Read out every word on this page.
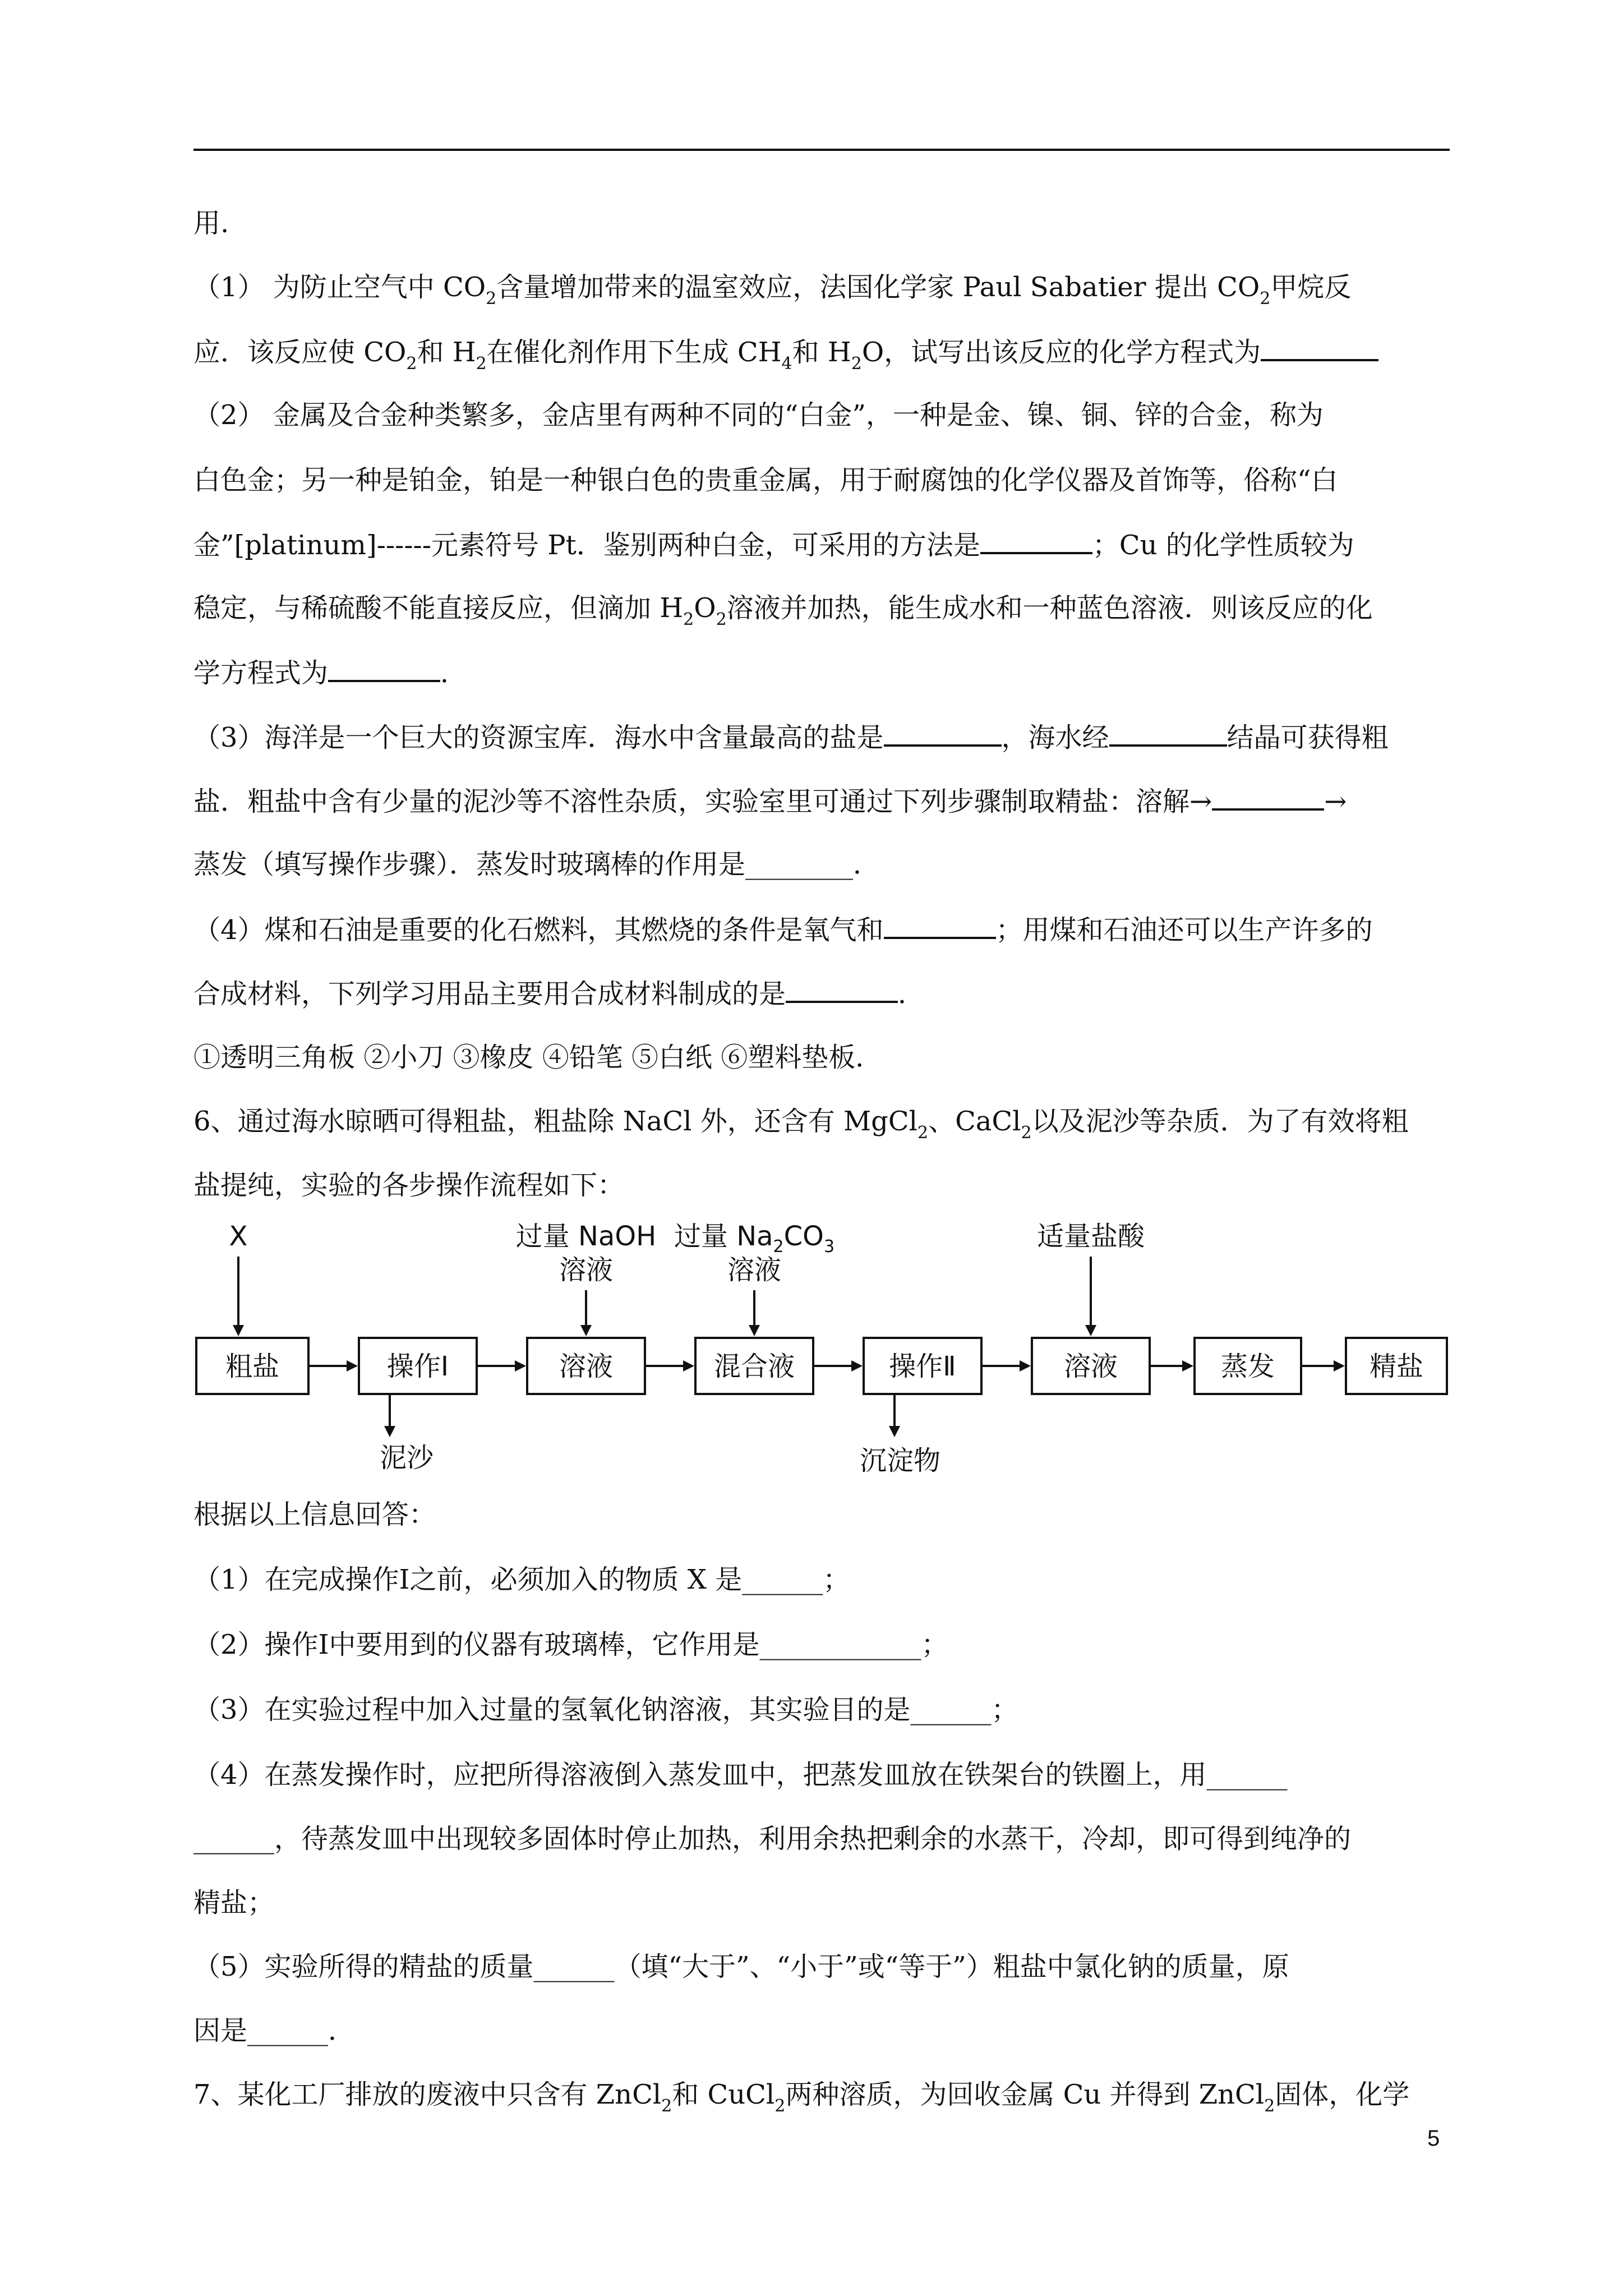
用.
（1） 为防止空气中 $CO_2$含量增加带来的温室效应，法国化学家 Paul Sabatier 提出 $CO_2$甲烷反
应．该反应使 $CO_2$和 $H_2$在催化剂作用下生成 $CH_4$和 $H_2O$，试写出该反应的化学方程式为
（2） 金属及合金种类繁多，金店里有两种不同的“白金”，一种是金、镍、铜、锌的合金，称为
白色金；另一种是铂金，铂是一种银白色的贵重金属，用于耐腐蚀的化学仪器及首饰等，俗称“白
金”[platinum]------元素符号 Pt．鉴别两种白金，可采用的方法是	；Cu 的化学性质较为
稳定，与稀硫酸不能直接反应，但滴加 $H_2O_2$溶液并加热，能生成水和一种蓝色溶液．则该反应的化
学方程式为	．
（3）海洋是一个巨大的资源宝库．海水中含量最高的盐是	，海水经	结晶可获得粗
盐．粗盐中含有少量的泥沙等不溶性杂质，实验室里可通过下列步骤制取精盐：溶解→	→
蒸发（填写操作步骤）．蒸发时玻璃棒的作用是________．
（4）煤和石油是重要的化石燃料，其燃烧的条件是氧气和	；用煤和石油还可以生产许多的
合成材料，下列学习用品主要用合成材料制成的是	．
①透明三角板 ②小刀 ③橡皮 ④铅笔 ⑤白纸 ⑥塑料垫板．
6、通过海水晾晒可得粗盐，粗盐除 NaCl 外，还含有 MgCl$_2$、CaCl$_2$以及泥沙等杂质．为了有效将粗
盐提纯，实验的各步操作流程如下：
粗盐	操作Ⅰ	溶液	混合液	操作Ⅱ	溶液	蒸发	精盐
X	过量 NaOH
溶液
过量 $Na_2CO_3$
溶液
适量盐酸
泥沙	沉淀物
根据以上信息回答：
（1）在完成操作Ⅰ之前，必须加入的物质 X 是______；
（2）操作Ⅰ中要用到的仪器有玻璃棒，它作用是____________；
（3）在实验过程中加入过量的氢氧化钠溶液，其实验目的是______；
（4）在蒸发操作时，应把所得溶液倒入蒸发皿中，把蒸发皿放在铁架台的铁圈上，用______
______，待蒸发皿中出现较多固体时停止加热，利用余热把剩余的水蒸干，冷却，即可得到纯净的
精盐；
（5）实验所得的精盐的质量______（填“大于”、“小于”或“等于”）粗盐中氯化钠的质量，原
因是______．
7、某化工厂排放的废液中只含有 ZnCl$_2$和 CuCl$_2$两种溶质，为回收金属 Cu 并得到 ZnCl$_2$固体，化学
5
